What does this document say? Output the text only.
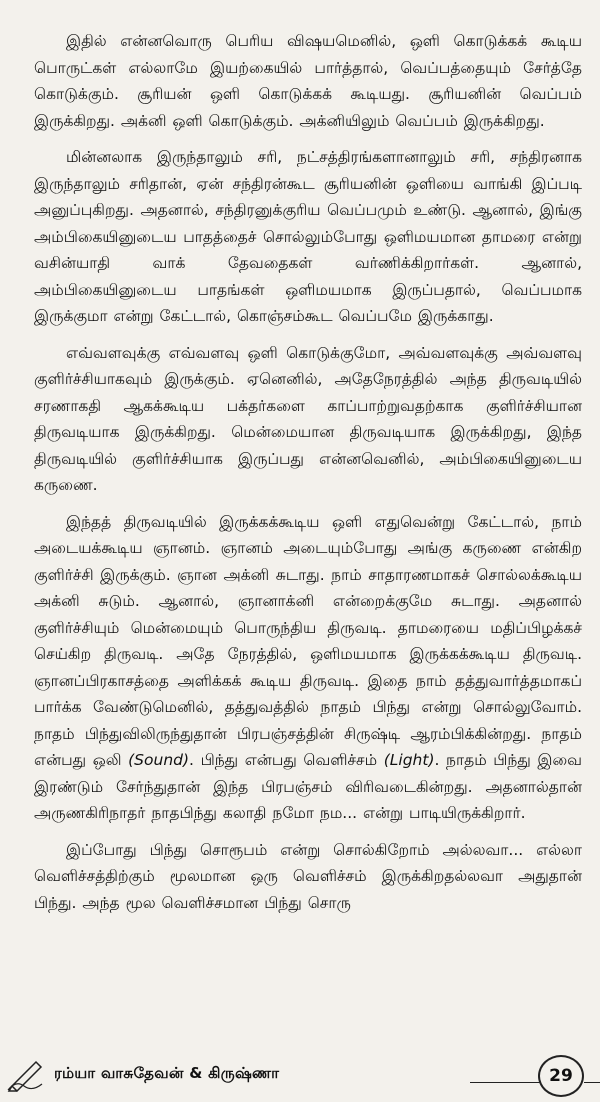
இதில் என்னவொரு பெரிய விஷயமெனில், ஒளி கொடுக்கக் கூடிய பொருட்கள் எல்லாமே இயற்கையில் பார்த்தால், வெப்பத்தையும் சேர்த்தே கொடுக்கும். சூரியன் ஒளி கொடுக்கக் கூடியது. சூரியனின் வெப்பம் இருக்கிறது. அக்னி ஒளி கொடுக்கும். அக்னியிலும் வெப்பம் இருக்கிறது.

மின்னலாக இருந்தாலும் சரி, நட்சத்திரங்களானாலும் சரி, சந்திரனாக இருந்தாலும் சரிதான், ஏன் சந்திரன்கூட சூரியனின் ஒளியை வாங்கி இப்படி அனுப்புகிறது. அதனால், சந்திரனுக்குரிய வெப்பமும் உண்டு. ஆனால், இங்கு அம்பிகையினுடைய பாதத்தைச் சொல்லும்போது ஒளிமயமான தாமரை என்று வசின்யாதி வாக் தேவதைகள் வர்ணிக்கிறார்கள். ஆனால், அம்பிகையினுடைய பாதங்கள் ஒளிமயமாக இருப்பதால், வெப்பமாக இருக்குமா என்று கேட்டால், கொஞ்சம்கூட வெப்பமே இருக்காது.

எவ்வளவுக்கு எவ்வளவு ஒளி கொடுக்குமோ, அவ்வளவுக்கு அவ்வளவு குளிர்ச்சியாகவும் இருக்கும். ஏனெனில், அதேநேரத்தில் அந்த திருவடியில் சரணாகதி ஆகக்கூடிய பக்தர்களை காப்பாற்றுவதற்காக குளிர்ச்சியான திருவடியாக இருக்கிறது. மென்மையான திருவடியாக இருக்கிறது, இந்த திருவடியில் குளிர்ச்சியாக இருப்பது என்னவெனில், அம்பிகையினுடைய கருணை.

இந்தத் திருவடியில் இருக்கக்கூடிய ஒளி எதுவென்று கேட்டால், நாம் அடையக்கூடிய ஞானம். ஞானம் அடையும்போது அங்கு கருணை என்கிற குளிர்ச்சி இருக்கும். ஞான அக்னி சுடாது. நாம் சாதாரணமாகச் சொல்லக்கூடிய அக்னி சுடும். ஆனால், ஞானாக்னி என்றைக்குமே சுடாது. அதனால் குளிர்ச்சியும் மென்மையும் பொருந்திய திருவடி. தாமரையை மதிப்பிழக்கச் செய்கிற திருவடி. அதே நேரத்தில், ஒளிமயமாக இருக்கக்கூடிய திருவடி. ஞானப்பிரகாசத்தை அளிக்கக் கூடிய திருவடி. இதை நாம் தத்துவார்த்தமாகப் பார்க்க வேண்டுமெனில், தத்துவத்தில் நாதம் பிந்து என்று சொல்லுவோம். நாதம் பிந்துவிலிருந்துதான் பிரபஞ்சத்தின் சிருஷ்டி ஆரம்பிக்கின்றது. நாதம் என்பது ஒலி (Sound). பிந்து என்பது வெளிச்சம் (Light). நாதம் பிந்து இவை இரண்டும் சேர்ந்துதான் இந்த பிரபஞ்சம் விரிவடைகின்றது. அதனால்தான் அருணகிரிநாதர் நாதபிந்து கலாதி நமோ நம... என்று பாடியிருக்கிறார்.

இப்போது பிந்து சொரூபம் என்று சொல்கிறோம் அல்லவா... எல்லா வெளிச்சத்திற்கும் மூலமான ஒரு வெளிச்சம் இருக்கிறதல்லவா அதுதான் பிந்து. அந்த மூல வெளிச்சமான பிந்து சொரு

ரம்யா வாசுதேவன் & கிருஷ்ணா	29
